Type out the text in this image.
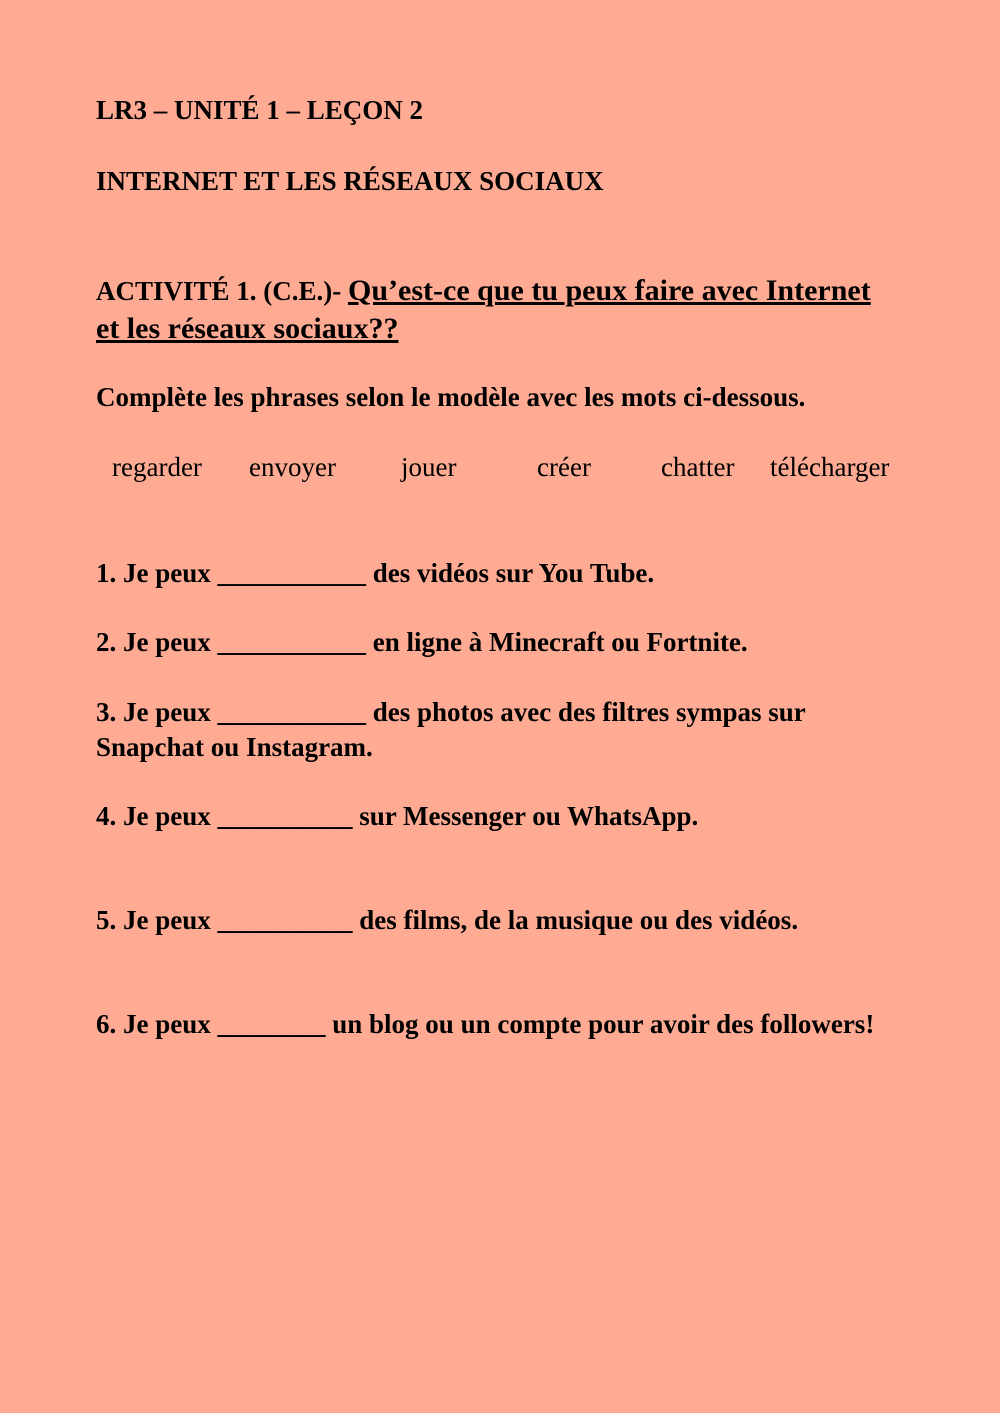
LR3 – UNITÉ 1 – LEÇON 2
INTERNET ET LES RÉSEAUX SOCIAUX
ACTIVITÉ 1. (C.E.)- Qu’est-ce que tu peux faire avec Internet et les réseaux sociaux??
Complète les phrases selon le modèle avec les mots ci-dessous.
regarder envoyer jouer	créer	chatter télécharger
1. Je peux ___________ des vidéos sur You Tube.
2. Je peux ___________ en ligne à Minecraft ou Fortnite.
3. Je peux ___________ des photos avec des filtres sympas sur Snapchat ou Instagram.
4. Je peux __________ sur Messenger ou WhatsApp.
5. Je peux __________ des films, de la musique ou des vidéos.
6. Je peux ________ un blog ou un compte pour avoir des followers!
